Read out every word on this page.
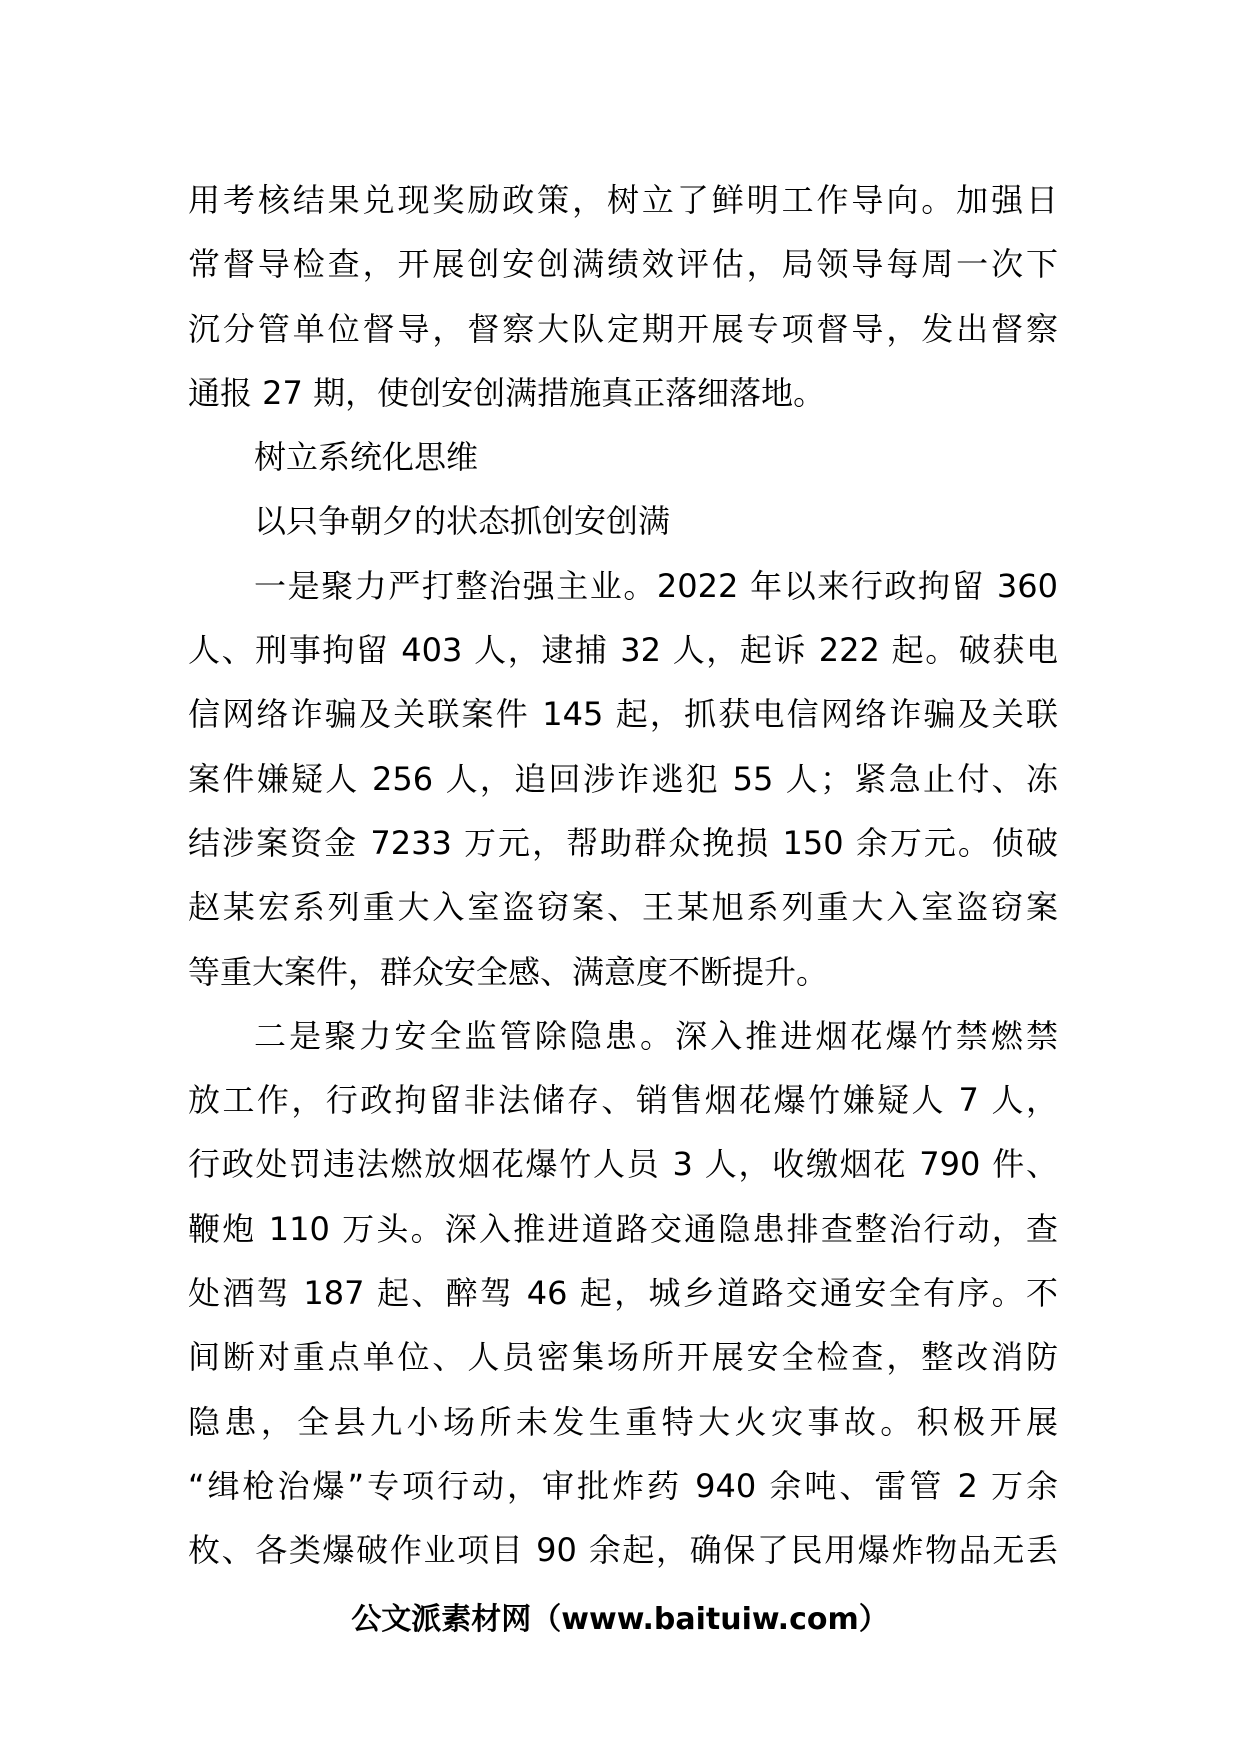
用考核结果兑现奖励政策，树立了鲜明工作导向。加强日
常督导检查，开展创安创满绩效评估，局领导每周一次下
沉分管单位督导，督察大队定期开展专项督导，发出督察
通报 27 期，使创安创满措施真正落细落地。
树立系统化思维
以只争朝夕的状态抓创安创满
一是聚力严打整治强主业。2022 年以来行政拘留 360
人、刑事拘留 403 人，逮捕 32 人，起诉 222 起。破获电
信网络诈骗及关联案件 145 起，抓获电信网络诈骗及关联
案件嫌疑人 256 人，追回涉诈逃犯 55 人；紧急止付、冻
结涉案资金 7233 万元，帮助群众挽损 150 余万元。侦破
赵某宏系列重大入室盗窃案、王某旭系列重大入室盗窃案
等重大案件，群众安全感、满意度不断提升。
二是聚力安全监管除隐患。深入推进烟花爆竹禁燃禁
放工作，行政拘留非法储存、销售烟花爆竹嫌疑人 7 人，
行政处罚违法燃放烟花爆竹人员 3 人，收缴烟花 790 件、
鞭炮 110 万头。深入推进道路交通隐患排查整治行动，查
处酒驾 187 起、醉驾 46 起，城乡道路交通安全有序。不
间断对重点单位、人员密集场所开展安全检查，整改消防
隐患，全县九小场所未发生重特大火灾事故。积极开展
“缉枪治爆”专项行动，审批炸药 940 余吨、雷管 2 万余
枚、各类爆破作业项目 90 余起，确保了民用爆炸物品无丢
公文派素材网（www.baituiw.com）
